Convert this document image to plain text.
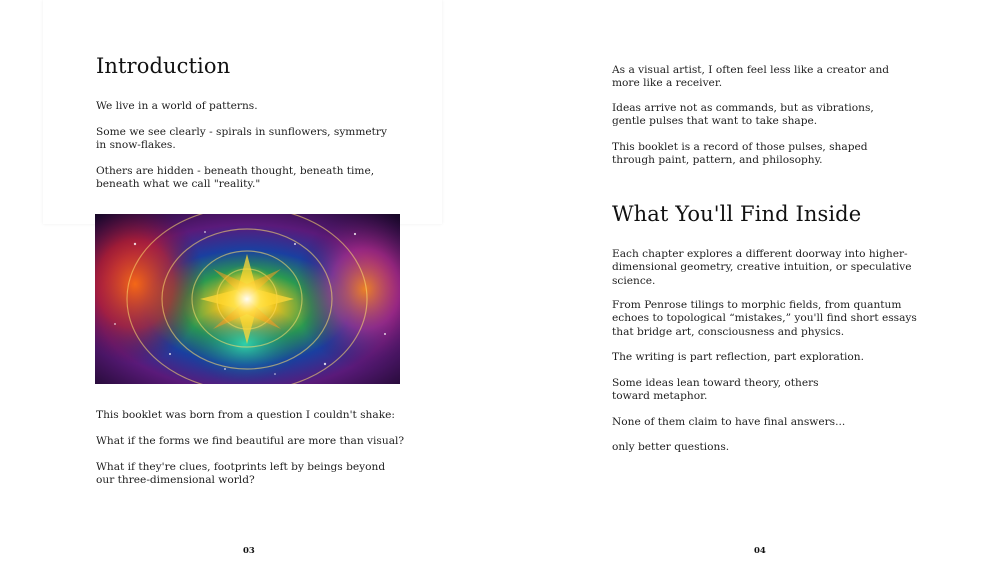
Introduction

We live in a world of patterns.

Some we see clearly - spirals in sunflowers, symmetry in snow-flakes.

Others are hidden - beneath thought, beneath time, beneath what we call "reality."

This booklet was born from a question I couldn't shake:

What if the forms we find beautiful are more than visual?

What if they're clues, footprints left by beings beyond our three-dimensional world?

03

As a visual artist, I often feel less like a creator and more like a receiver.

Ideas arrive not as commands, but as vibrations, gentle pulses that want to take shape.

This booklet is a record of those pulses, shaped through paint, pattern, and philosophy.

What You'll Find Inside

Each chapter explores a different doorway into higher-dimensional geometry, creative intuition, or speculative science.

From Penrose tilings to morphic fields, from quantum echoes to topological “mistakes,” you'll find short essays that bridge art, consciousness and physics.

The writing is part reflection, part exploration.

Some ideas lean toward theory, others toward metaphor.

None of them claim to have final answers...

only better questions.

04
